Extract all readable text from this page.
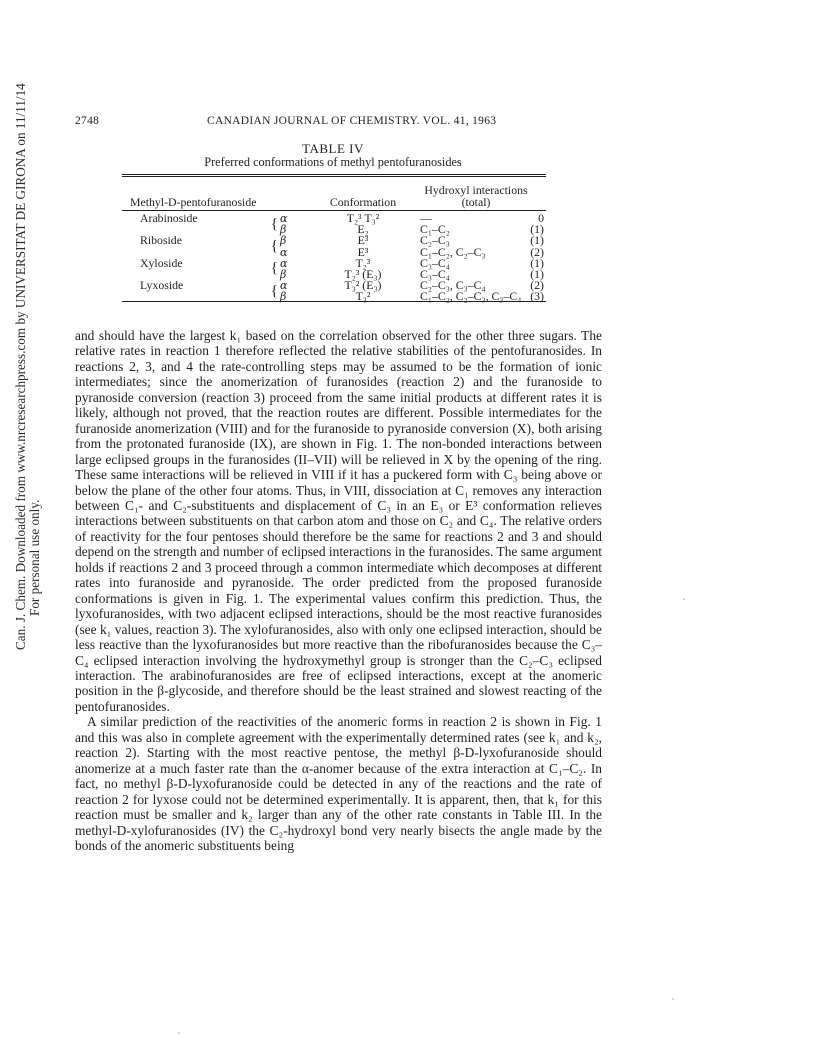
Can. J. Chem. Downloaded from www.nrcresearchpress.com by UNIVERSITAT DE GIRONA on 11/11/14 For personal use only.
2748	CANADIAN JOURNAL OF CHEMISTRY. VOL. 41, 1963
TABLE IV
Preferred conformations of methyl pentofuranosides
Methyl-D-pentofuranoside			Conformation	Hydroxyl interactions
(total)	

Arabinoside	{	α	T₂³ T₃²	—	0
		β	E₂	C₁–C₂	(1)
Riboside	{	β	E³	C₂–C₃	(1)
		α	E³	C₁–C₂, C₂–C₃	(2)
Xyloside	{	α	T₂³	C₃–C₄	(1)
		β	T₂³ (E₃)	C₃–C₄	(1)
Lyxoside	{	α	T₃² (E₃)	C₂–C₃, C₃–C₄	(2)
		β	T₃²	C₁–C₂, C₂–C₃, C₃–C₄	(3)

and should have the largest k₁ based on the correlation observed for the other three sugars. The relative rates in reaction 1 therefore reflected the relative stabilities of the pentofuranosides. In reactions 2, 3, and 4 the rate-controlling steps may be assumed to be the formation of ionic intermediates; since the anomerization of furanosides (reaction 2) and the furanoside to pyranoside conversion (reaction 3) proceed from the same initial products at different rates it is likely, although not proved, that the reaction routes are different. Possible intermediates for the furanoside anomerization (VIII) and for the furanoside to pyranoside conversion (X), both arising from the protonated furanoside (IX), are shown in Fig. 1. The non-bonded interactions between large eclipsed groups in the furanosides (II–VII) will be relieved in X by the opening of the ring. These same interactions will be relieved in VIII if it has a puckered form with C₃ being above or below the plane of the other four atoms. Thus, in VIII, dissociation at C₁ removes any interaction between C₁- and C₂-substituents and displacement of C₃ in an E₃ or E³ conformation relieves interactions between substituents on that carbon atom and those on C₂ and C₄. The relative orders of reactivity for the four pentoses should therefore be the same for reactions 2 and 3 and should depend on the strength and number of eclipsed interactions in the furanosides. The same argument holds if reactions 2 and 3 proceed through a common intermediate which decomposes at different rates into furanoside and pyranoside. The order predicted from the proposed furanoside conformations is given in Fig. 1. The experimental values confirm this prediction. Thus, the lyxofuranosides, with two adjacent eclipsed interactions, should be the most reactive furanosides (see k₁ values, reaction 3). The xylofuranosides, also with only one eclipsed interaction, should be less reactive than the lyxofuranosides but more reactive than the ribofuranosides because the C₃–C₄ eclipsed interaction involving the hydroxymethyl group is stronger than the C₂–C₃ eclipsed interaction. The arabinofuranosides are free of eclipsed interactions, except at the anomeric position in the β-glycoside, and therefore should be the least strained and slowest reacting of the pentofuranosides.

A similar prediction of the reactivities of the anomeric forms in reaction 2 is shown in Fig. 1 and this was also in complete agreement with the experimentally determined rates (see k₁ and k₂, reaction 2). Starting with the most reactive pentose, the methyl β-D-lyxofuranoside should anomerize at a much faster rate than the α-anomer because of the extra interaction at C₁–C₂. In fact, no methyl β-D-lyxofuranoside could be detected in any of the reactions and the rate of reaction 2 for lyxose could not be determined experimentally. It is apparent, then, that k₁ for this reaction must be smaller and k₂ larger than any of the other rate constants in Table III. In the methyl-D-xylofuranosides (IV) the C₂-hydroxyl bond very nearly bisects the angle made by the bonds of the anomeric substituents being
